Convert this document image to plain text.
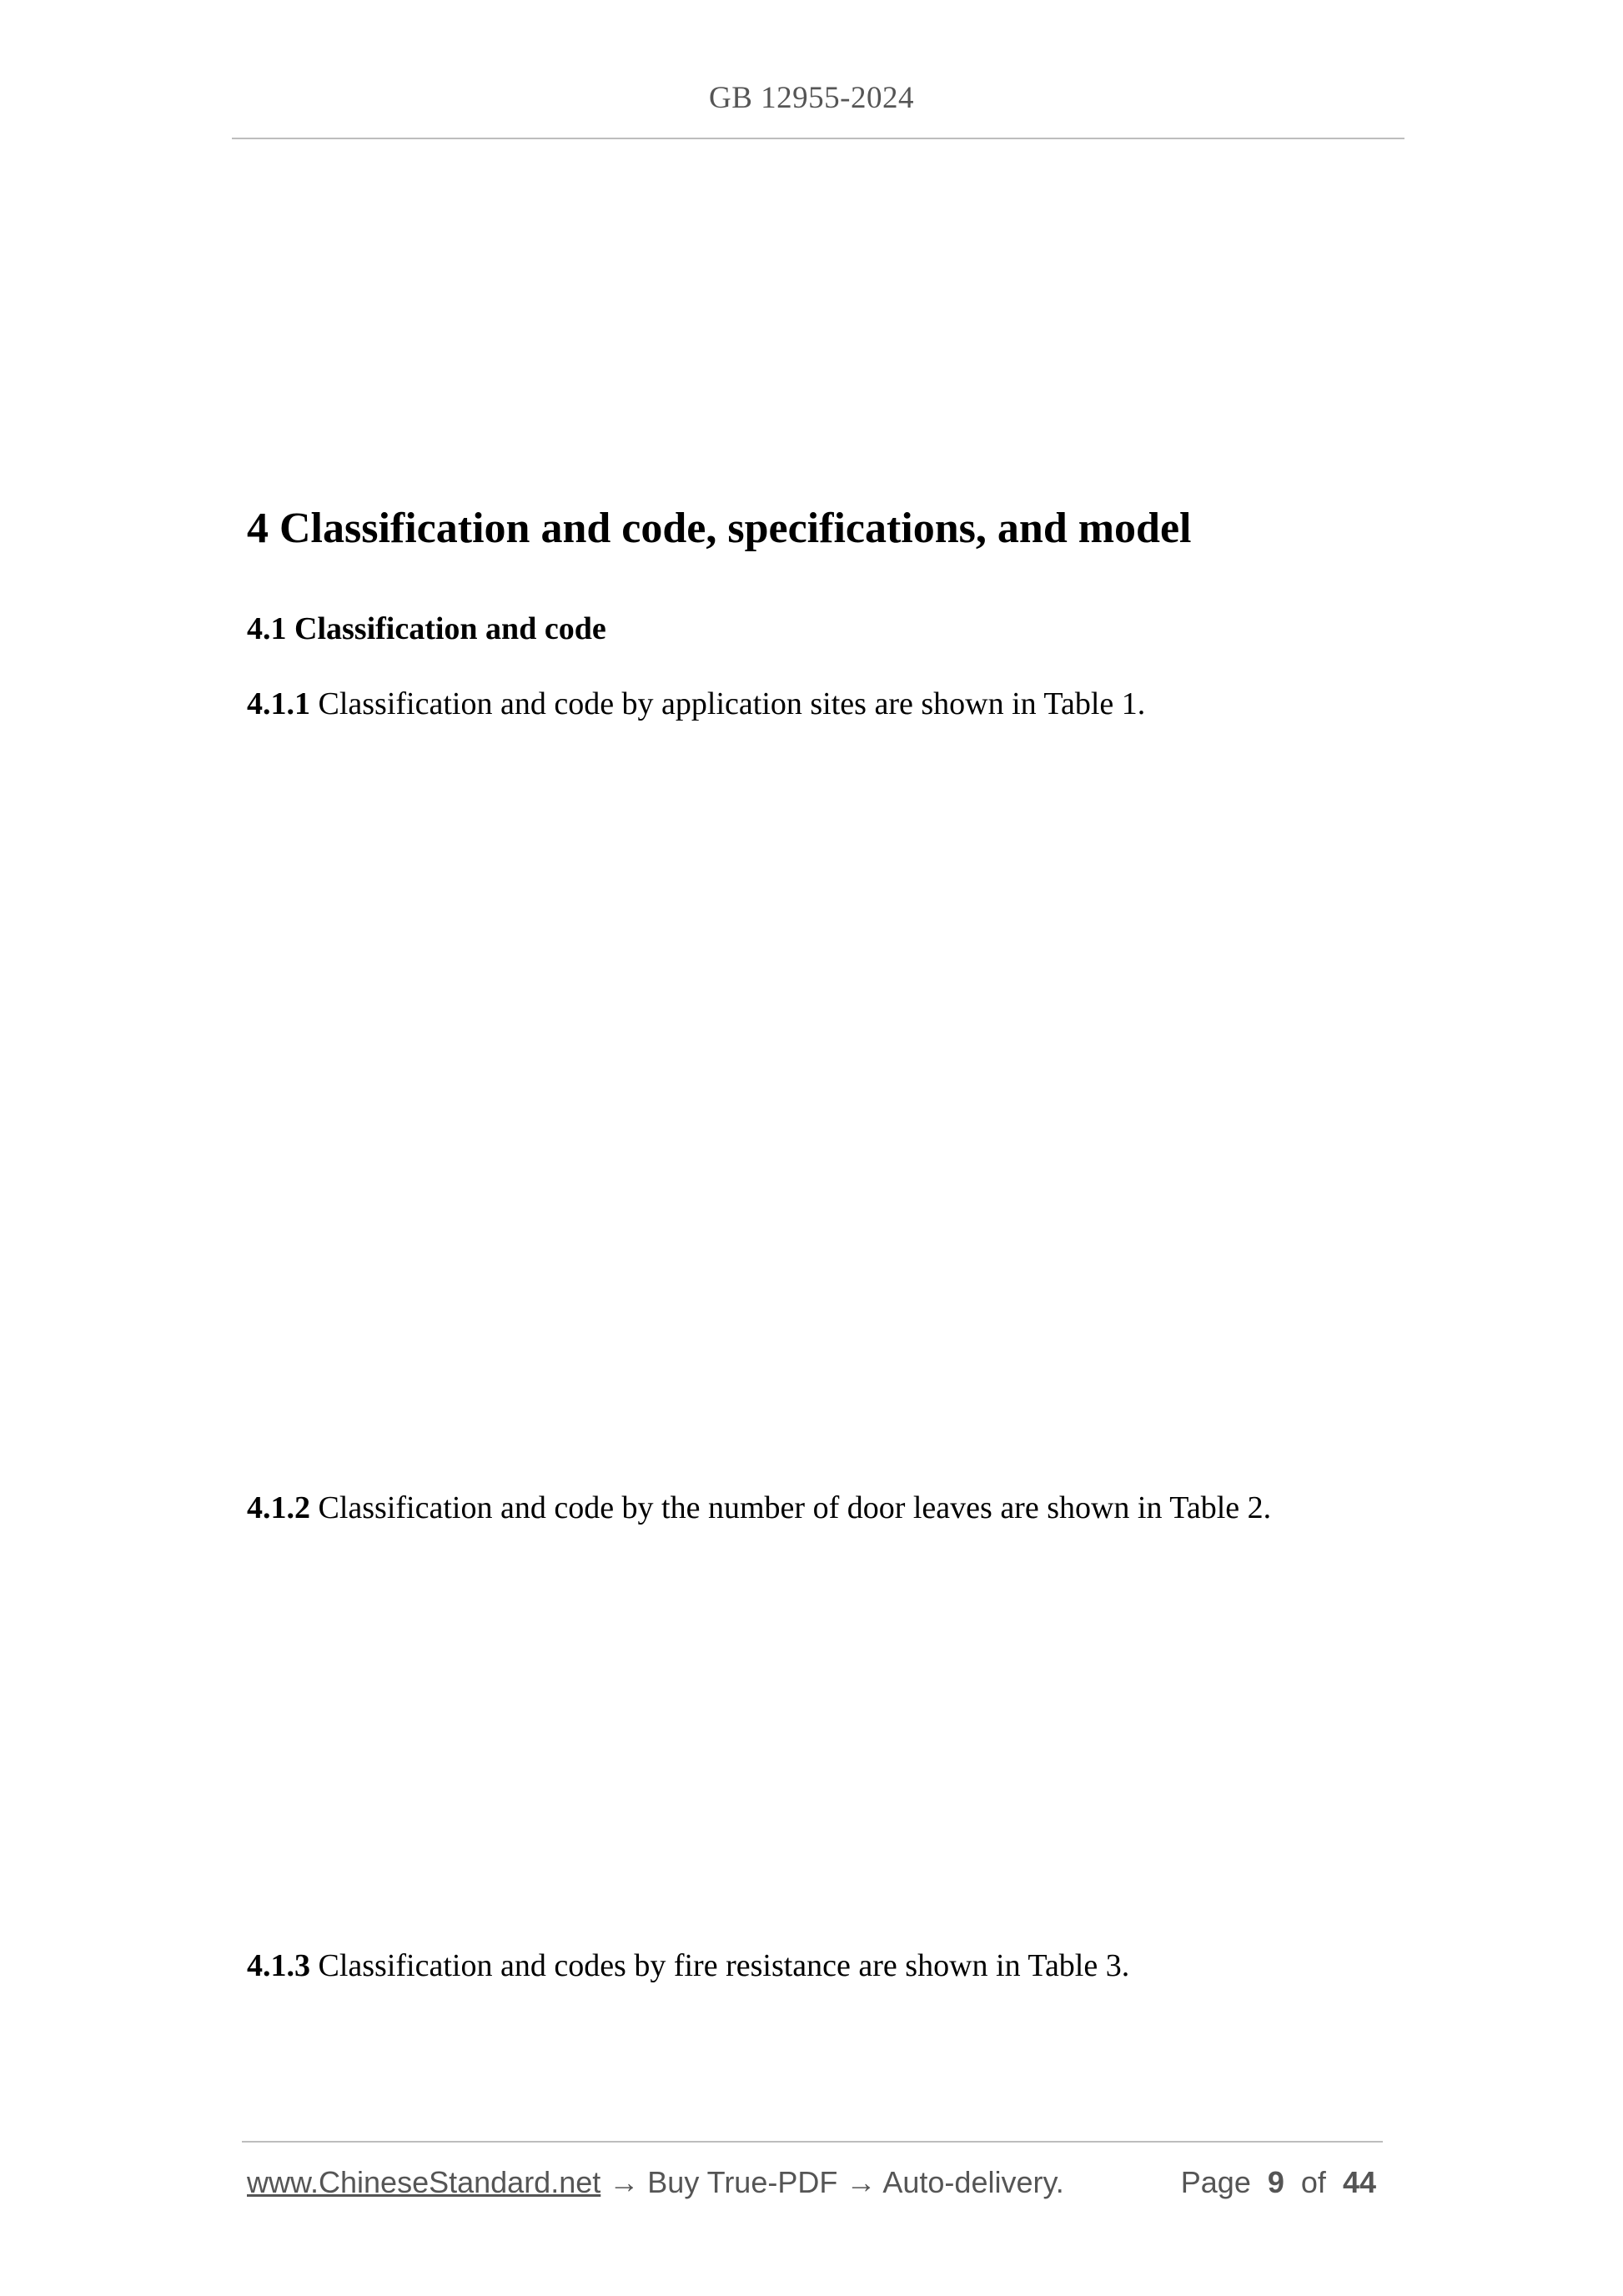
GB 12955-2024
4 Classification and code, specifications, and model
4.1 Classification and code
4.1.1 Classification and code by application sites are shown in Table 1.
4.1.2 Classification and code by the number of door leaves are shown in Table 2.
4.1.3 Classification and codes by fire resistance are shown in Table 3.
www.ChineseStandard.net → Buy True-PDF → Auto-delivery.	Page 9 of 44
